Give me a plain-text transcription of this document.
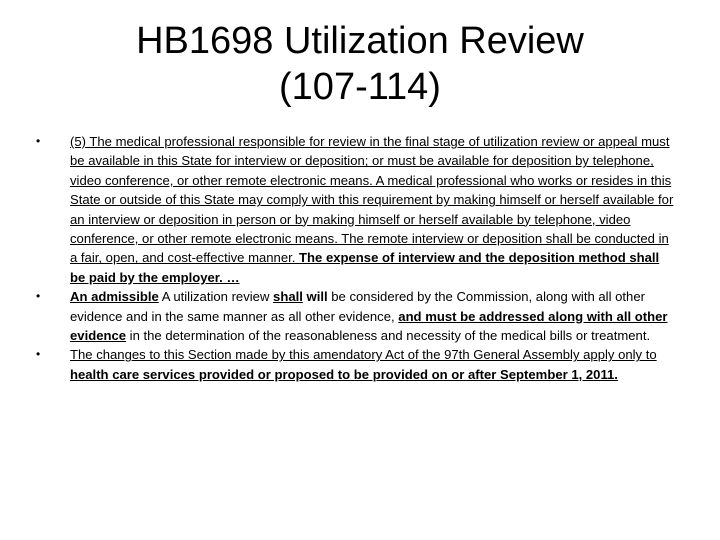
HB1698 Utilization Review
(107-114)
• (5) The medical professional responsible for review in the final stage of utilization review or appeal must be available in this State for interview or deposition; or must be available for deposition by telephone, video conference, or other remote electronic means. A medical professional who works or resides in this State or outside of this State may comply with this requirement by making himself or herself available for an interview or deposition in person or by making himself or herself available by telephone, video conference, or other remote electronic means. The remote interview or deposition shall be conducted in a fair, open, and cost-effective manner. The expense of interview and the deposition method shall be paid by the employer. …
• An admissible A utilization review shall will be considered by the Commission, along with all other evidence and in the same manner as all other evidence, and must be addressed along with all other evidence in the determination of the reasonableness and necessity of the medical bills or treatment.
• The changes to this Section made by this amendatory Act of the 97th General Assembly apply only to health care services provided or proposed to be provided on or after September 1, 2011.
